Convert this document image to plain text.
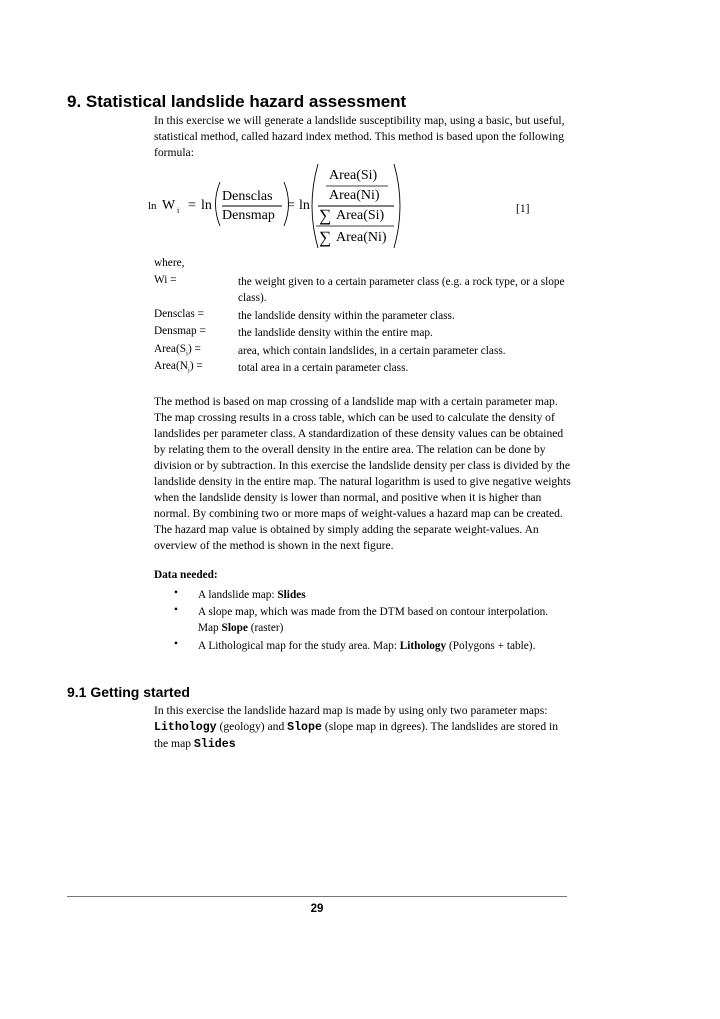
9. Statistical landslide hazard assessment

In this exercise we will generate a landslide susceptibility map, using a basic, but useful, statistical method, called hazard index method. This method is based upon the following formula:

ln W i = ln
Densclas
Densmap
= ln
Area(Si)
Area(Ni)
∑ Area(Si)
∑ Area(Ni)
[1]
where,
Wi =	the weight given to a certain parameter class (e.g. a rock type, or a slope class).
Densclas =	the landslide density within the parameter class.
Densmap =	the landslide density within the entire map.
$Area(S_i)$ =	area, which contain landslides, in a certain parameter class.
$Area(N_i)$ =	total area in a certain parameter class.

The method is based on map crossing of a landslide map with a certain parameter map. The map crossing results in a cross table, which can be used to calculate the density of landslides per parameter class. A standardization of these density values can be obtained by relating them to the overall density in the entire area. The relation can be done by division or by subtraction. In this exercise the landslide density per class is divided by the landslide density in the entire map. The natural logarithm is used to give negative weights when the landslide density is lower than normal, and positive when it is higher than normal. By combining two or more maps of weight-values a hazard map can be created. The hazard map value is obtained by simply adding the separate weight-values. An overview of the method is shown in the next figure.

Data needed:
• A landslide map: Slides
• A slope map, which was made from the DTM based on contour interpolation. Map Slope (raster)
• A Lithological map for the study area. Map: Lithology (Polygons + table).
9.1 Getting started

In this exercise the landslide hazard map is made by using only two parameter maps: Lithology (geology) and Slope (slope map in dgrees). The landslides are stored in the map Slides

29
